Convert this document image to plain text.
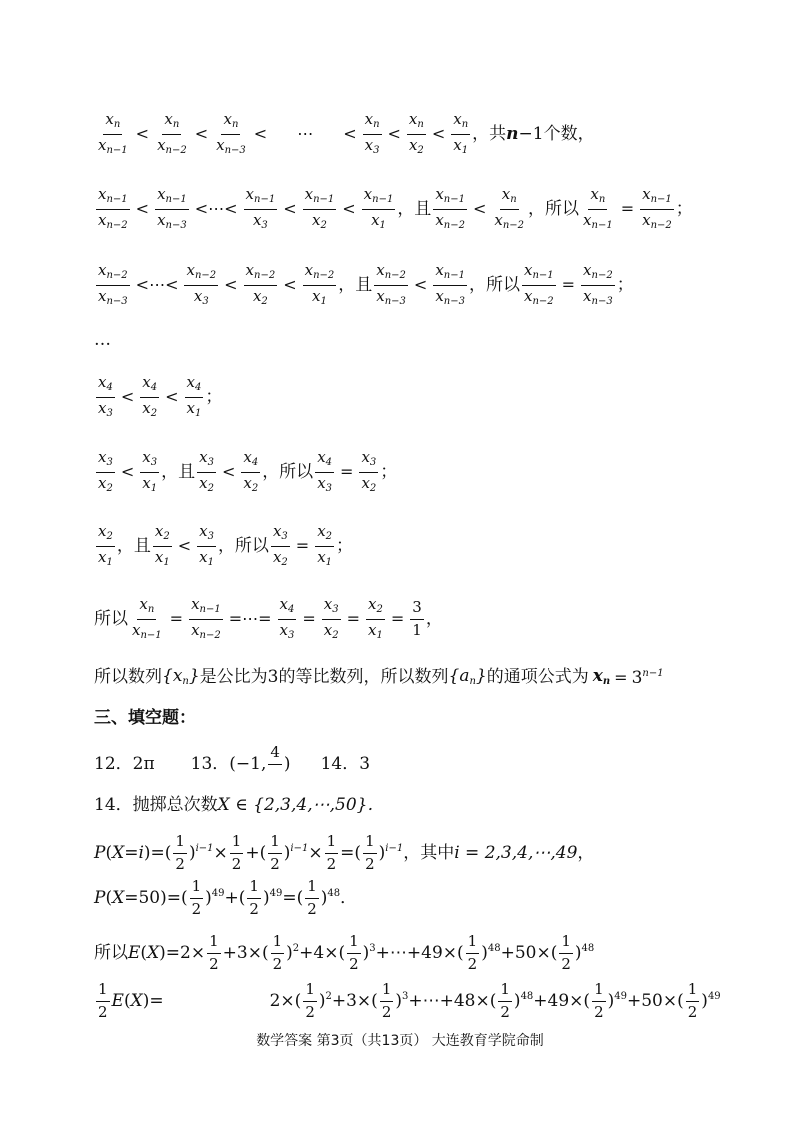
$\frac{x_n}{x_{n-1}} < \frac{x_n}{x_{n-2}} < \frac{x_n}{x_{n-3}}$ < ⋯ < $\frac{x_n}{x_3} < \frac{x_n}{x_2} < \frac{x_n}{x_1}$ ，共 n −1个数，
$\frac{x_{n-1}}{x_{n-2}} < \frac{x_{n-1}}{x_{n-3}}$ <⋯< $\frac{x_{n-1}}{x_3} < \frac{x_{n-1}}{x_2} < \frac{x_{n-1}}{x_1}$ ，且 $\frac{x_{n-1}}{x_{n-2}} < \frac{x_n}{x_{n-2}}$ ，所以 $\frac{x_n}{x_{n-1}} = \frac{x_{n-1}}{x_{n-2}}$ ；
$\frac{x_{n-2}}{x_{n-3}}$ <⋯< $\frac{x_{n-2}}{x_3} < \frac{x_{n-2}}{x_2} < \frac{x_{n-2}}{x_1}$ ，且 $\frac{x_{n-2}}{x_{n-3}} < \frac{x_{n-1}}{x_{n-3}}$ ，所以 $\frac{x_{n-1}}{x_{n-2}} = \frac{x_{n-2}}{x_{n-3}}$ ；
…
$\frac{x_4}{x_3} < \frac{x_4}{x_2} < \frac{x_4}{x_1}$ ；
$\frac{x_3}{x_2} < \frac{x_3}{x_1}$ ，且 $\frac{x_3}{x_2} < \frac{x_4}{x_2}$ ，所以 $\frac{x_4}{x_3} = \frac{x_3}{x_2}$ ；
$\frac{x_2}{x_1}$ ，且 $\frac{x_2}{x_1} < \frac{x_3}{x_1}$ ，所以 $\frac{x_3}{x_2} = \frac{x_2}{x_1}$ ；
所以 $\frac{x_n}{x_{n-1}} = \frac{x_{n-1}}{x_{n-2}}$ =⋯= $\frac{x_4}{x_3} = \frac{x_3}{x_2} = \frac{x_2}{x_1} = \frac{3}{1}$ ，
所以数列 $\{x_n\}$ 是公比为3的等比数列，所以数列 $\{a_n\}$ 的通项公式为 $x_n = 3^{n-1}$
三、填空题：
12．2π 13． (−1,
4

) 14．3
14．抛掷总次数 X ∈ {2,3,4,⋯,50}．
P ( X = i )=( $\frac{1}{2} )^{i-1}\times \frac{1}{2}$ +( $\frac{1}{2} )^{i-1}\times \frac{1}{2}$ =( $\frac{1}{2} )^{i-1}$ ，其中 i = 2,3,4,⋯,49 ，
P ( $X =50)=( \frac{1}{2} )^{49}+( \frac{1}{2} )^{49}=( \frac{1}{2} )^{48}$．
所以 E ( X )$=2\times \frac{1}{2} +3\times( \frac{1}{2} )^2+4\times( \frac{1}{2}$ )$^3+\cdots+49\times( \frac{1}{2} )^{48}+50\times( \frac{1}{2} )^{48}$
$\frac{1}{2}$ E ( X )=	$2\times( \frac{1}{2} )^2+3\times( \frac{1}{2}$ )$^3+\cdots+48\times( \frac{1}{2} )^{48}+49\times( \frac{1}{2} )^{49}+50\times( \frac{1}{2} )^{49}$
数学答案 第3页（共13页） 大连教育学院命制
